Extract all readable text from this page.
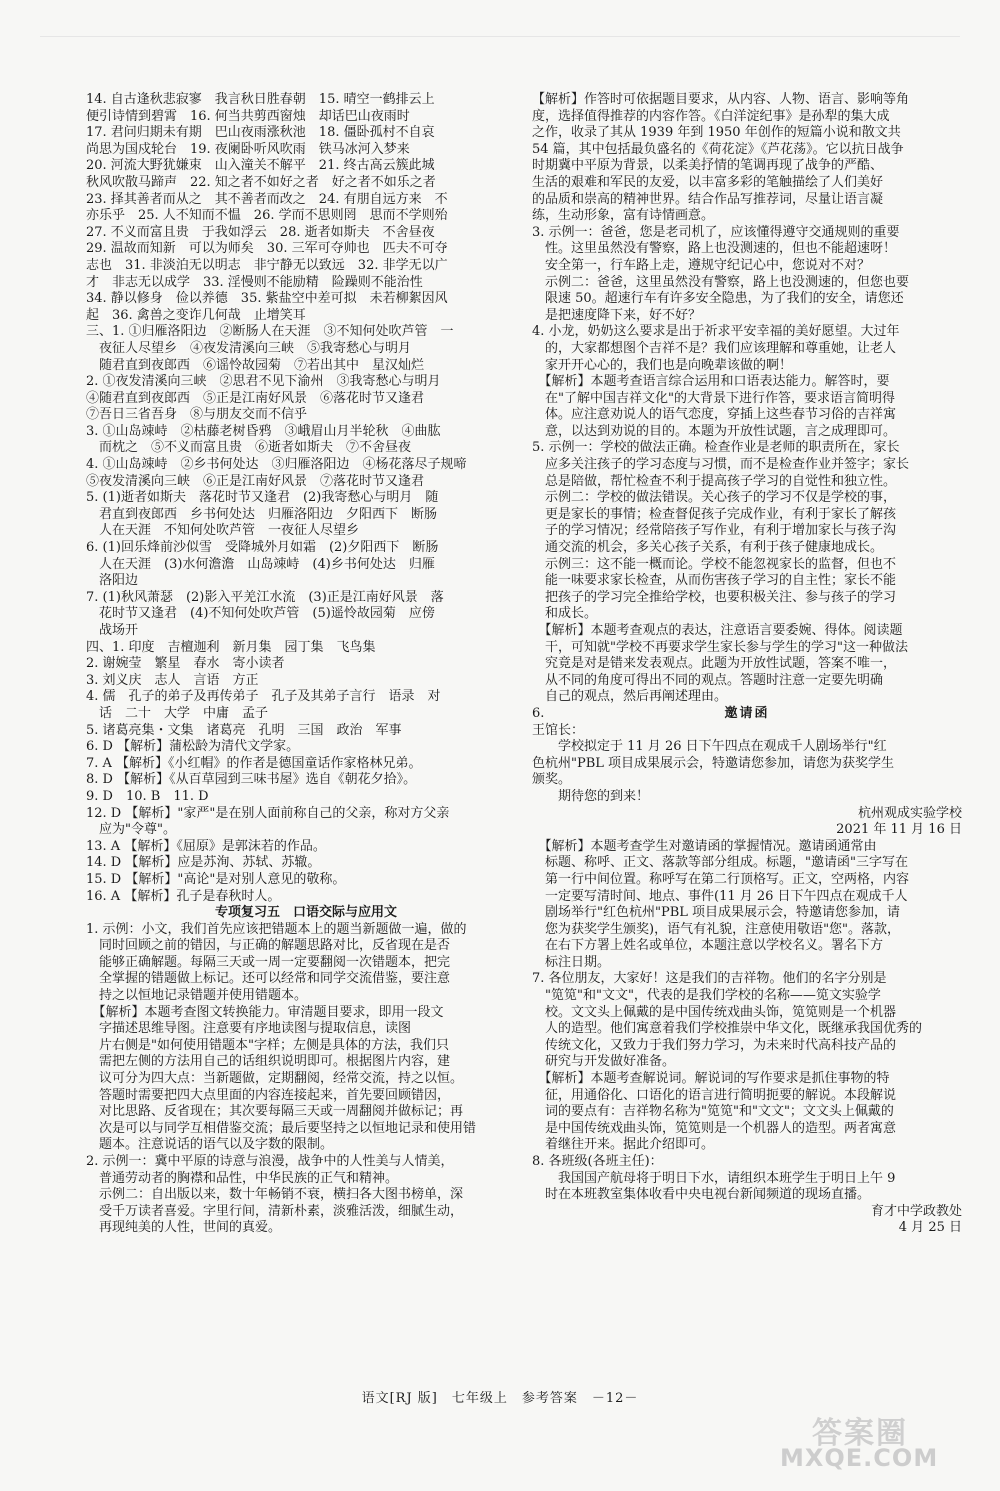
14. 自古逢秋悲寂寥　我言秋日胜春朝　15. 晴空一鹤排云上

便引诗情到碧霄　16. 何当共剪西窗烛　却话巴山夜雨时

17. 君问归期未有期　巴山夜雨涨秋池　18. 僵卧孤村不自哀

尚思为国戍轮台　19. 夜阑卧听风吹雨　铁马冰河入梦来

20. 河流大野犹嫌束　山入潼关不解平　21. 终古高云簇此城

秋风吹散马蹄声　22. 知之者不如好之者　好之者不如乐之者

23. 择其善者而从之　其不善者而改之　24. 有朋自远方来　不

亦乐乎　25. 人不知而不愠　26. 学而不思则罔　思而不学则殆

27. 不义而富且贵　于我如浮云　28. 逝者如斯夫　不舍昼夜

29. 温故而知新　可以为师矣　30. 三军可夺帅也　匹夫不可夺

志也　31. 非淡泊无以明志　非宁静无以致远　32. 非学无以广

才　非志无以成学　33. 淫慢则不能励精　险躁则不能治性

34. 静以修身　俭以养德　35. 紫盐空中差可拟　未若柳絮因风

起　36. 禽兽之变诈几何哉　止增笑耳

三、1. ①归雁洛阳边　②断肠人在天涯　③不知何处吹芦管　一

　夜征人尽望乡　④夜发清溪向三峡　⑤我寄愁心与明月　

　随君直到夜郎西　⑥谣怜故园菊　⑦若出其中　星汉灿烂

2. ①夜发清溪向三峡　②思君不见下渝州　③我寄愁心与明月

④随君直到夜郎西　⑤正是江南好风景　⑥落花时节又逢君

⑦吾日三省吾身　⑧与朋友交而不信乎

3. ①山岛竦峙　②枯藤老树昏鸦　③峨眉山月半轮秋　④曲肱

　而枕之　⑤不义而富且贵　⑥逝者如斯夫　⑦不舍昼夜

4. ①山岛竦峙　②乡书何处达　③归雁洛阳边　④杨花落尽子规啼

⑤夜发清溪向三峡　⑥正是江南好风景　⑦落花时节又逢君

5. (1)逝者如斯夫　落花时节又逢君　(2)我寄愁心与明月　随

　君直到夜郎西　乡书何处达　归雁洛阳边　夕阳西下　断肠

　人在天涯　不知何处吹芦管　一夜征人尽望乡

6. (1)回乐烽前沙似雪　受降城外月如霜　(2)夕阳西下　断肠

　人在天涯　(3)水何澹澹　山岛竦峙　(4)乡书何处达　归雁

　洛阳边

7. (1)秋风萧瑟　(2)影入平羌江水流　(3)正是江南好风景　落

　花时节又逢君　(4)不知何处吹芦管　(5)遥怜故园菊　应傍

　战场开

四、1. 印度　吉檀迦利　新月集　园丁集　飞鸟集

2. 谢婉莹　繁星　春水　寄小读者

3. 刘义庆　志人　言语　方正

4. 儒　孔子的弟子及再传弟子　孔子及其弟子言行　语录　对

　话　二十　大学　中庸　孟子

5. 诸葛亮集・文集　诸葛亮　孔明　三国　政治　军事

6. D 【解析】蒲松龄为清代文学家。

7. A 【解析】《小红帽》的作者是德国童话作家格林兄弟。

8. D 【解析】《从百草园到三味书屋》选自《朝花夕拾》。

9. D　10. B　11. D

12. D 【解析】"家严"是在别人面前称自己的父亲，称对方父亲

　应为"令尊"。

13. A 【解析】《屈原》是郭沫若的作品。

14. D 【解析】应是苏洵、苏轼、苏辙。

15. D 【解析】"高论"是对别人意见的敬称。

16. A 【解析】孔子是春秋时人。

专项复习五　口语交际与应用文

1. 示例：小文，我们首先应该把错题本上的题当新题做一遍，做的

　同时回顾之前的错因，与正确的解题思路对比，反省现在是否

　能够正确解题。每隔三天或一周一定要翻阅一次错题本，把完

　全掌握的错题做上标记。还可以经常和同学交流借鉴，要注意

　持之以恒地记录错题并使用错题本。

　【解析】本题考查图文转换能力。审清题目要求，即用一段文

　字描述思维导图。注意要有序地读图与提取信息，读图

　片右侧是"如何使用错题本"字样；左侧是具体的方法，我们只

　需把左侧的方法用自己的话组织说明即可。根据图片内容，建

　议可分为四大点：当新题做，定期翻阅，经常交流，持之以恒。

　答题时需要把四大点里面的内容连接起来，首先要回顾错因，

　对比思路、反省现在；其次要每隔三天或一周翻阅并做标记；再

　次是可以与同学互相借鉴交流；最后要坚持之以恒地记录和使用错

　题本。注意说话的语气以及字数的限制。

2. 示例一：冀中平原的诗意与浪漫，战争中的人性美与人情美，

　普通劳动者的胸襟和品性，中华民族的正气和精神。

　示例二：自出版以来，数十年畅销不衰，横扫各大图书榜单，深

　受千万读者喜爱。字里行间，清新朴素，淡雅活泼，细腻生动，

　再现纯美的人性，世间的真爱。

【解析】作答时可依据题目要求，从内容、人物、语言、影响等角

度，选择值得推荐的内容作答。《白洋淀纪事》是孙犁的集大成

之作，收录了其从 1939 年到 1950 年创作的短篇小说和散文共

54 篇，其中包括最负盛名的《荷花淀》《芦花荡》。它以抗日战争

时期冀中平原为背景，以柔美抒情的笔调再现了战争的严酷、

生活的艰难和军民的友爱，以丰富多彩的笔触描绘了人们美好

的品质和崇高的精神世界。结合作品写推荐词，尽量让语言凝

练，生动形象，富有诗情画意。

3. 示例一：爸爸，您是老司机了，应该懂得遵守交通规则的重要

　性。这里虽然没有警察，路上也没测速的，但也不能超速呀！

　安全第一，行车路上走，遵规守纪记心中，您说对不对？

　示例二：爸爸，这里虽然没有警察，路上也没测速的，但您也要

　限速 50。超速行车有许多安全隐患，为了我们的安全，请您还

　是把速度降下来，好不好？

4. 小龙，奶奶这么要求是出于祈求平安幸福的美好愿望。大过年

　的，大家都想图个吉祥不是？我们应该理解和尊重她，让老人

　家开开心心的，我们也是向晚辈该做的啊！

　【解析】本题考查语言综合运用和口语表达能力。解答时，要

　在"了解中国吉祥文化"的大背景下进行作答，要求语言简明得

　体。应注意劝说人的语气恋度，穿插上这些春节习俗的吉祥寓

　意，以达到劝说的目的。本题为开放性试题，言之成理即可。

5. 示例一：学校的做法正确。检查作业是老师的职责所在，家长

　应多关注孩子的学习态度与习惯，而不是检查作业并签字；家长

　总是陪做，帮忙检查不利于提高孩子学习的自觉性和独立性。

　示例二：学校的做法错误。关心孩子的学习不仅是学校的事，

　更是家长的事情；检查督促孩子完成作业，有利于家长了解孩

　子的学习情况；经常陪孩子写作业，有利于增加家长与孩子沟

　通交流的机会，多关心孩子关系，有利于孩子健康地成长。

　示例三：这不能一概而论。学校不能忽视家长的监督，但也不

　能一味要求家长检查，从而伤害孩子学习的自主性；家长不能

　把孩子的学习完全推给学校，也要积极关注、参与孩子的学习

　和成长。

　【解析】本题考查观点的表达，注意语言要委婉、得体。阅读题

　干，可知就"学校不再要求学生家长参与学生的学习"这一种做法

　究竟是对是错来发表观点。此题为开放性试题，答案不唯一，

　从不同的角度可得出不同的观点。答题时注意一定要先明确

　自己的观点，然后再阐述理由。

6.	邀请函

王馆长：

学校拟定于 11 月 26 日下午四点在观成千人剧场举行"红

色杭州"PBL 项目成果展示会，特邀请您参加，请您为获奖学生

颁奖。

期待您的到来！

杭州观成实验学校

2021 年 11 月 16 日

　【解析】本题考查学生对邀请函的掌握情况。邀请函通常由

　标题、称呼、正文、落款等部分组成。标题，"邀请函"三字写在

　第一行中间位置。称呼写在第二行顶格写。正文，空两格，内容

　一定要写清时间、地点、事件(11 月 26 日下午四点在观成千人

　剧场举行"红色杭州"PBL 项目成果展示会，特邀请您参加，请

　您为获奖学生颁奖)，语气有礼貌，注意使用敬语"您"。落款，

　在右下方署上姓名或单位，本题注意以学校名义。署名下方

　标注日期。

7. 各位朋友，大家好！这是我们的吉祥物。他们的名字分别是

　"笕笕"和"文文"，代表的是我们学校的名称——笕文实验学

　校。文文头上佩戴的是中国传统戏曲头饰，笕笕则是一个机器

　人的造型。他们寓意着我们学校推崇中华文化，既继承我国优秀的

　传统文化，又致力于我们努力学习，为未来时代高科技产品的

　研究与开发做好准备。

　【解析】本题考查解说词。解说词的写作要求是抓住事物的特

　征，用通俗化、口语化的语言进行简明扼要的解说。本段解说

　词的要点有：吉祥物名称为"笕笕"和"文文"；文文头上佩戴的

　是中国传统戏曲头饰，笕笕则是一个机器人的造型。两者寓意

　着继往开来。据此介绍即可。

8. 各班级(各班主任)：

　　我国国产航母将于明日下水，请组织本班学生于明日上午 9

　时在本班教室集体收看中央电视台新闻频道的现场直播。

育才中学政教处

4 月 25 日

语文[RJ 版]　七年级上　参考答案　－12－
答案圈
MXQE.COM
